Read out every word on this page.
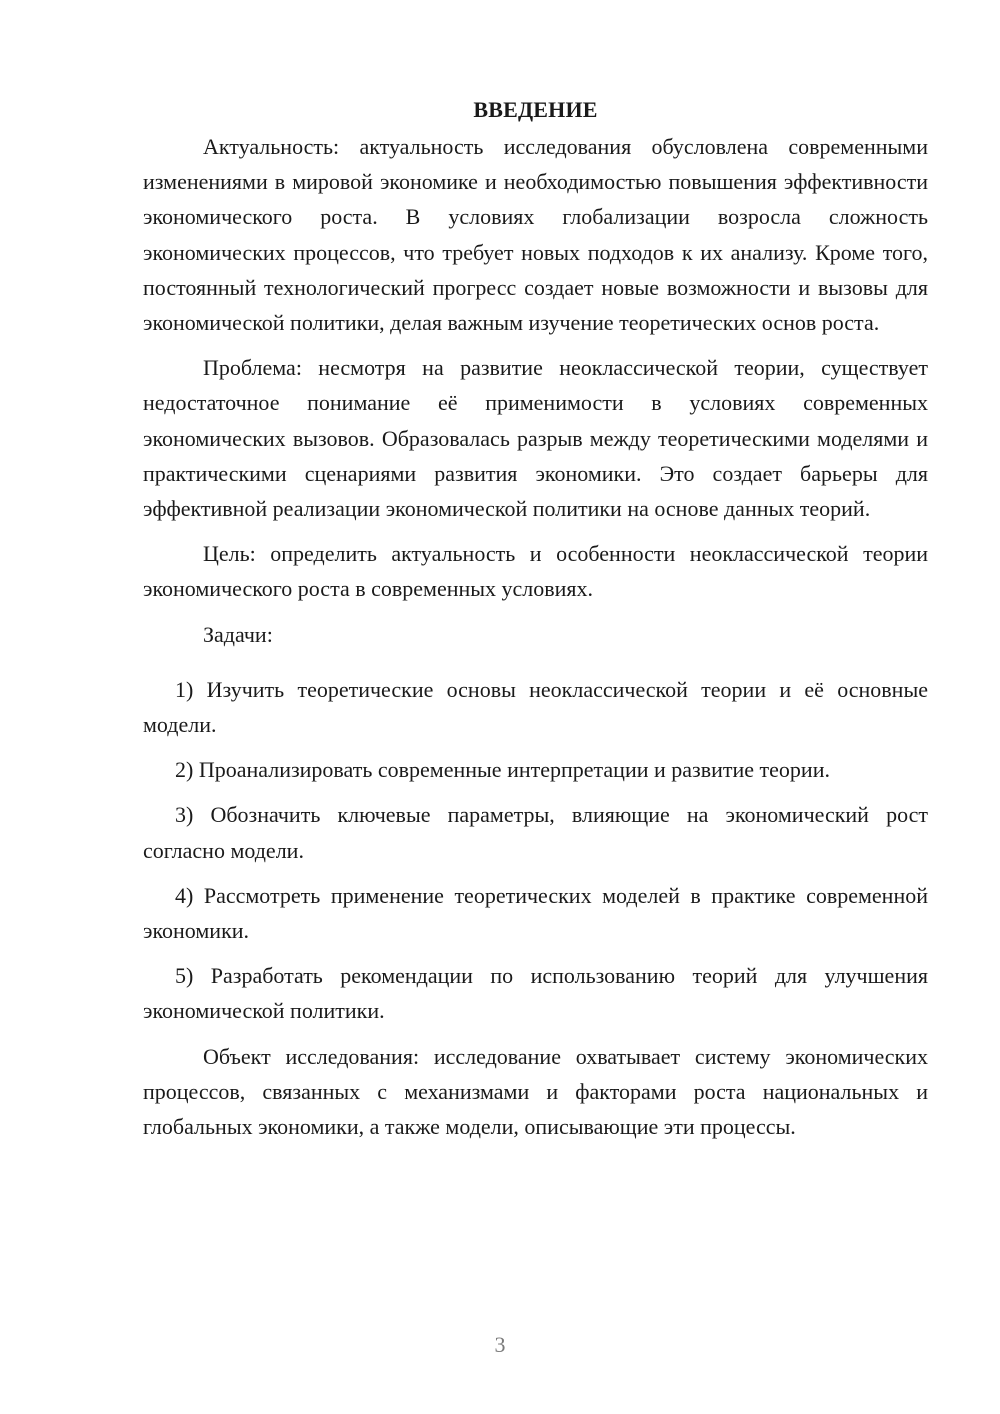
ВВЕДЕНИЕ

Актуальность: актуальность исследования обусловлена современными изменениями в мировой экономике и необходимостью повышения эффективности экономического роста. В условиях глобализации возросла сложность экономических процессов, что требует новых подходов к их анализу. Кроме того, постоянный технологический прогресс создает новые возможности и вызовы для экономической политики, делая важным изучение теоретических основ роста.

Проблема: несмотря на развитие неоклассической теории, существует недостаточное понимание её применимости в условиях современных экономических вызовов. Образовалась разрыв между теоретическими моделями и практическими сценариями развития экономики. Это создает барьеры для эффективной реализации экономической политики на основе данных теорий.

Цель: определить актуальность и особенности неоклассической теории экономического роста в современных условиях.

Задачи:

1) Изучить теоретические основы неоклассической теории и её основные модели.

2) Проанализировать современные интерпретации и развитие теории.

3) Обозначить ключевые параметры, влияющие на экономический рост согласно модели.

4) Рассмотреть применение теоретических моделей в практике современной экономики.

5) Разработать рекомендации по использованию теорий для улучшения экономической политики.

Объект исследования: исследование охватывает систему экономических процессов, связанных с механизмами и факторами роста национальных и глобальных экономики, а также модели, описывающие эти процессы.

3
